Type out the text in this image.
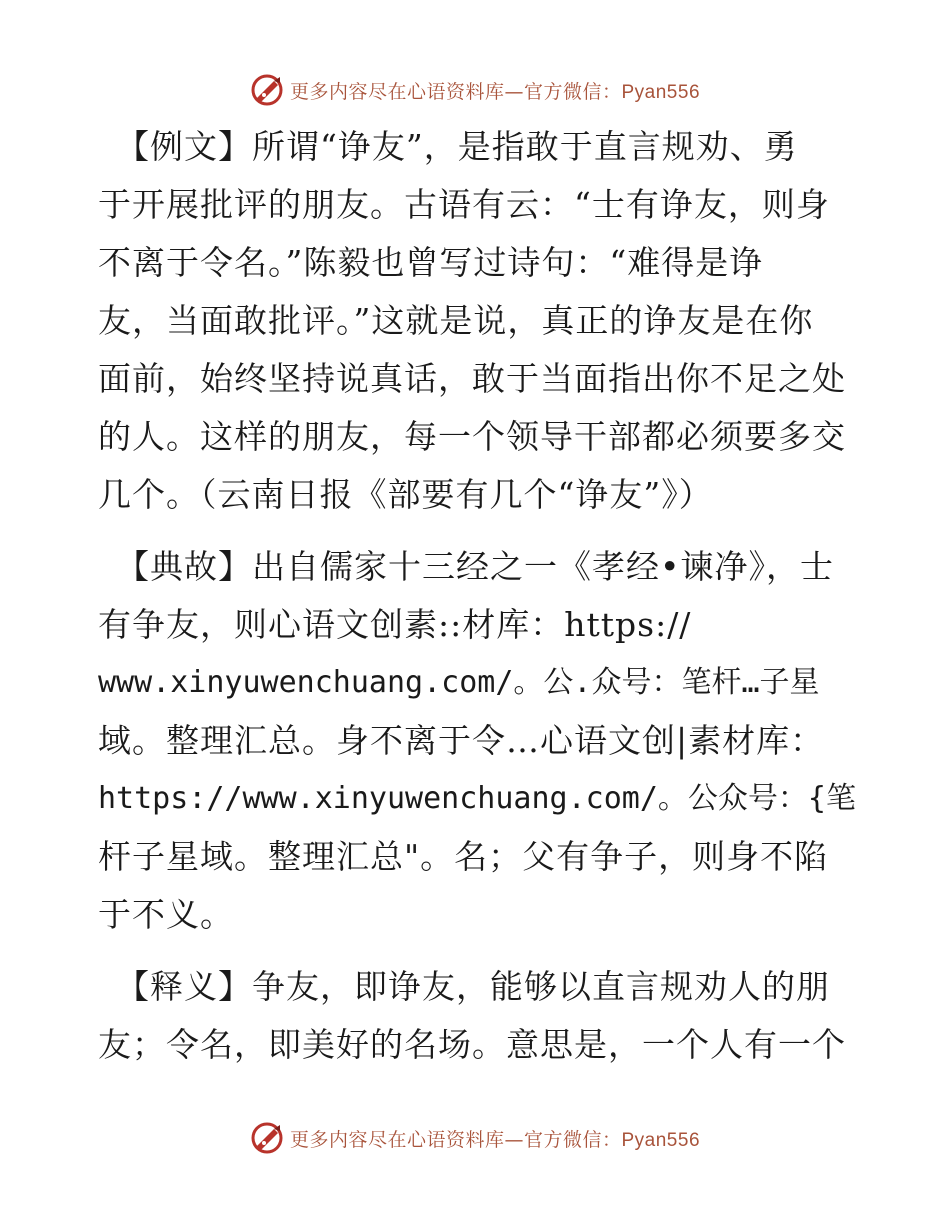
更多内容尽在心语资料库—官方微信：Pyan556

【例文】所谓“诤友”，是指敢于直言规劝、勇
于开展批评的朋友。古语有云：“士有诤友，则身
不离于令名。”陈毅也曾写过诗句：“难得是诤
友，当面敢批评。”这就是说，真正的诤友是在你
面前，始终坚持说真话，敢于当面指出你不足之处
的人。这样的朋友，每一个领导干部都必须要多交
几个。（云南日报《部要有几个“诤友”》）

【典故】出自儒家十三经之一《孝经•谏净》，士
有争友，则心语文创素::材库：https://
www.xinyuwenchuang.com/。公.众号：笔杆…子星
域。整理汇总。身不离于令…心语文创|素材库：
https://www.xinyuwenchuang.com/。公众号：{笔
杆子星域。整理汇总"。名；父有争子，则身不陷
于不义。

【释义】争友，即诤友，能够以直言规劝人的朋
友；令名，即美好的名场。意思是，一个人有一个

更多内容尽在心语资料库—官方微信：Pyan556
